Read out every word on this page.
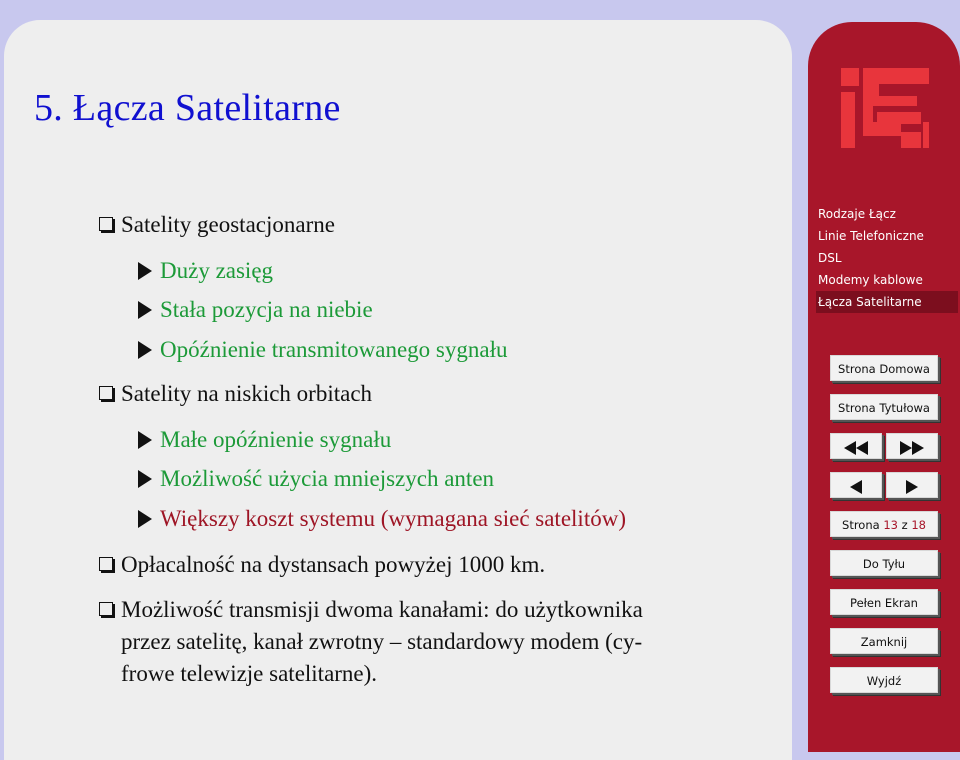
5. Łącza Satelitarne
Satelity geostacjonarne
Duży zasięg
Stała pozycja na niebie
Opóźnienie transmitowanego sygnału
Satelity na niskich orbitach
Małe opóźnienie sygnału
Możliwość użycia mniejszych anten
Większy koszt systemu (wymagana sieć satelitów)
Opłacalność na dystansach powyżej 1000 km.
Możliwość transmisji dwoma kanałami: do użytkownika
przez satelitę, kanał zwrotny – standardowy modem (cy-
frowe telewizje satelitarne).
Rodzaje Łącz
Linie Telefoniczne
DSL
Modemy kablowe
Łącza Satelitarne
Strona Domowa
Strona Tytułowa
Strona 13 z 18
Do Tyłu
Pełen Ekran
Zamknij
Wyjdź
